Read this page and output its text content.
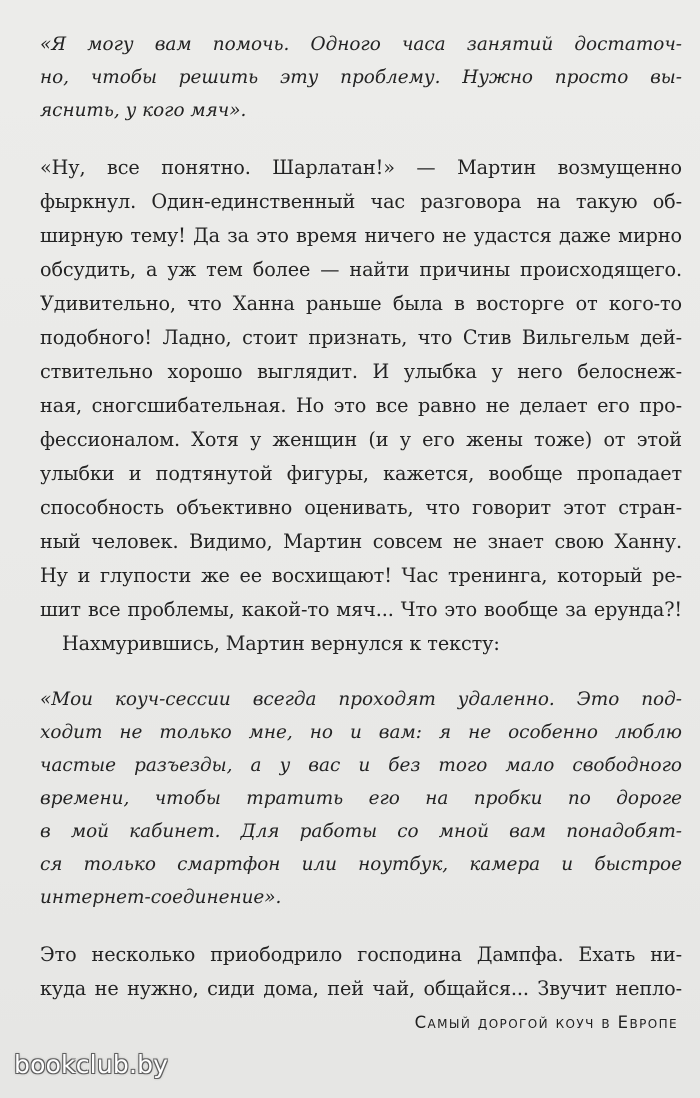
«Я могу вам помочь. Одного часа занятий достаточ-
но, чтобы решить эту проблему. Нужно просто вы-
яснить, у кого мяч».
«Ну, все понятно. Шарлатан!» — Мартин возмущенно
фыркнул. Один-единственный час разговора на такую об-
ширную тему! Да за это время ничего не удастся даже мирно
обсудить, а уж тем более — найти причины происходящего.
Удивительно, что Ханна раньше была в восторге от кого-то
подобного! Ладно, стоит признать, что Стив Вильгельм дей-
ствительно хорошо выглядит. И улыбка у него белоснеж-
ная, сногсшибательная. Но это все равно не делает его про-
фессионалом. Хотя у женщин (и у его жены тоже) от этой
улыбки и подтянутой фигуры, кажется, вообще пропадает
способность объективно оценивать, что говорит этот стран-
ный человек. Видимо, Мартин совсем не знает свою Ханну.
Ну и глупости же ее восхищают! Час тренинга, который ре-
шит все проблемы, какой-то мяч... Что это вообще за ерунда?!
Нахмурившись, Мартин вернулся к тексту:
«Мои коуч-сессии всегда проходят удаленно. Это под-
ходит не только мне, но и вам: я не особенно люблю
частые разъезды, а у вас и без того мало свободного
времени, чтобы тратить его на пробки по дороге
в мой кабинет. Для работы со мной вам понадобят-
ся только смартфон или ноутбук, камера и быстрое
интернет-соединение».
Это несколько приободрило господина Дампфа. Ехать ни-
куда не нужно, сиди дома, пей чай, общайся... Звучит непло-
Самый дорогой коуч в Европе
bookclub.by
